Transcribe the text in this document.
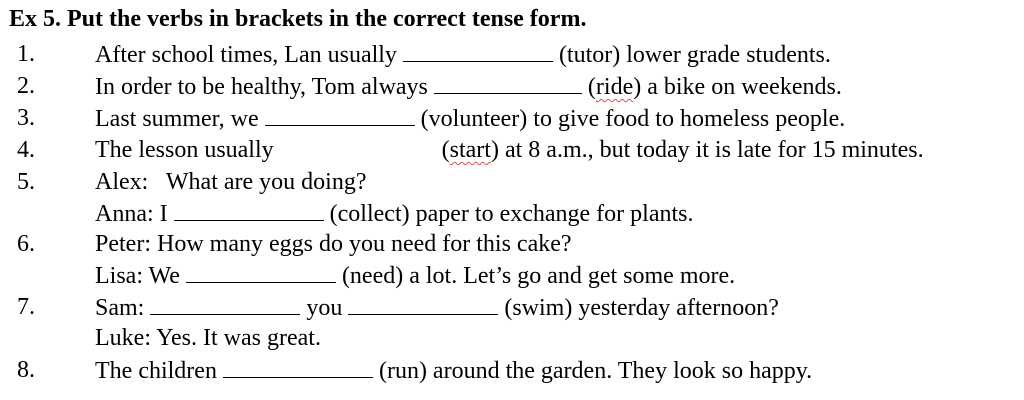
Ex 5. Put the verbs in brackets in the correct tense form.
1.	After school times, Lan usually	(tutor) lower grade students.
2.	In order to be healthy, Tom always	(ride) a bike on weekends.
3.	Last summer, we	(volunteer) to give food to homeless people.
4.	The lesson usually	(start) at 8 a.m., but today it is late for 15 minutes.
5.	Alex:   What are you doing?
Anna: I	(collect) paper to exchange for plants.
6.	Peter: How many eggs do you need for this cake?
Lisa: We	(need) a lot. Let’s go and get some more.
7.	Sam:	you	(swim) yesterday afternoon?
Luke: Yes. It was great.
8.	The children	(run) around the garden. They look so happy.
